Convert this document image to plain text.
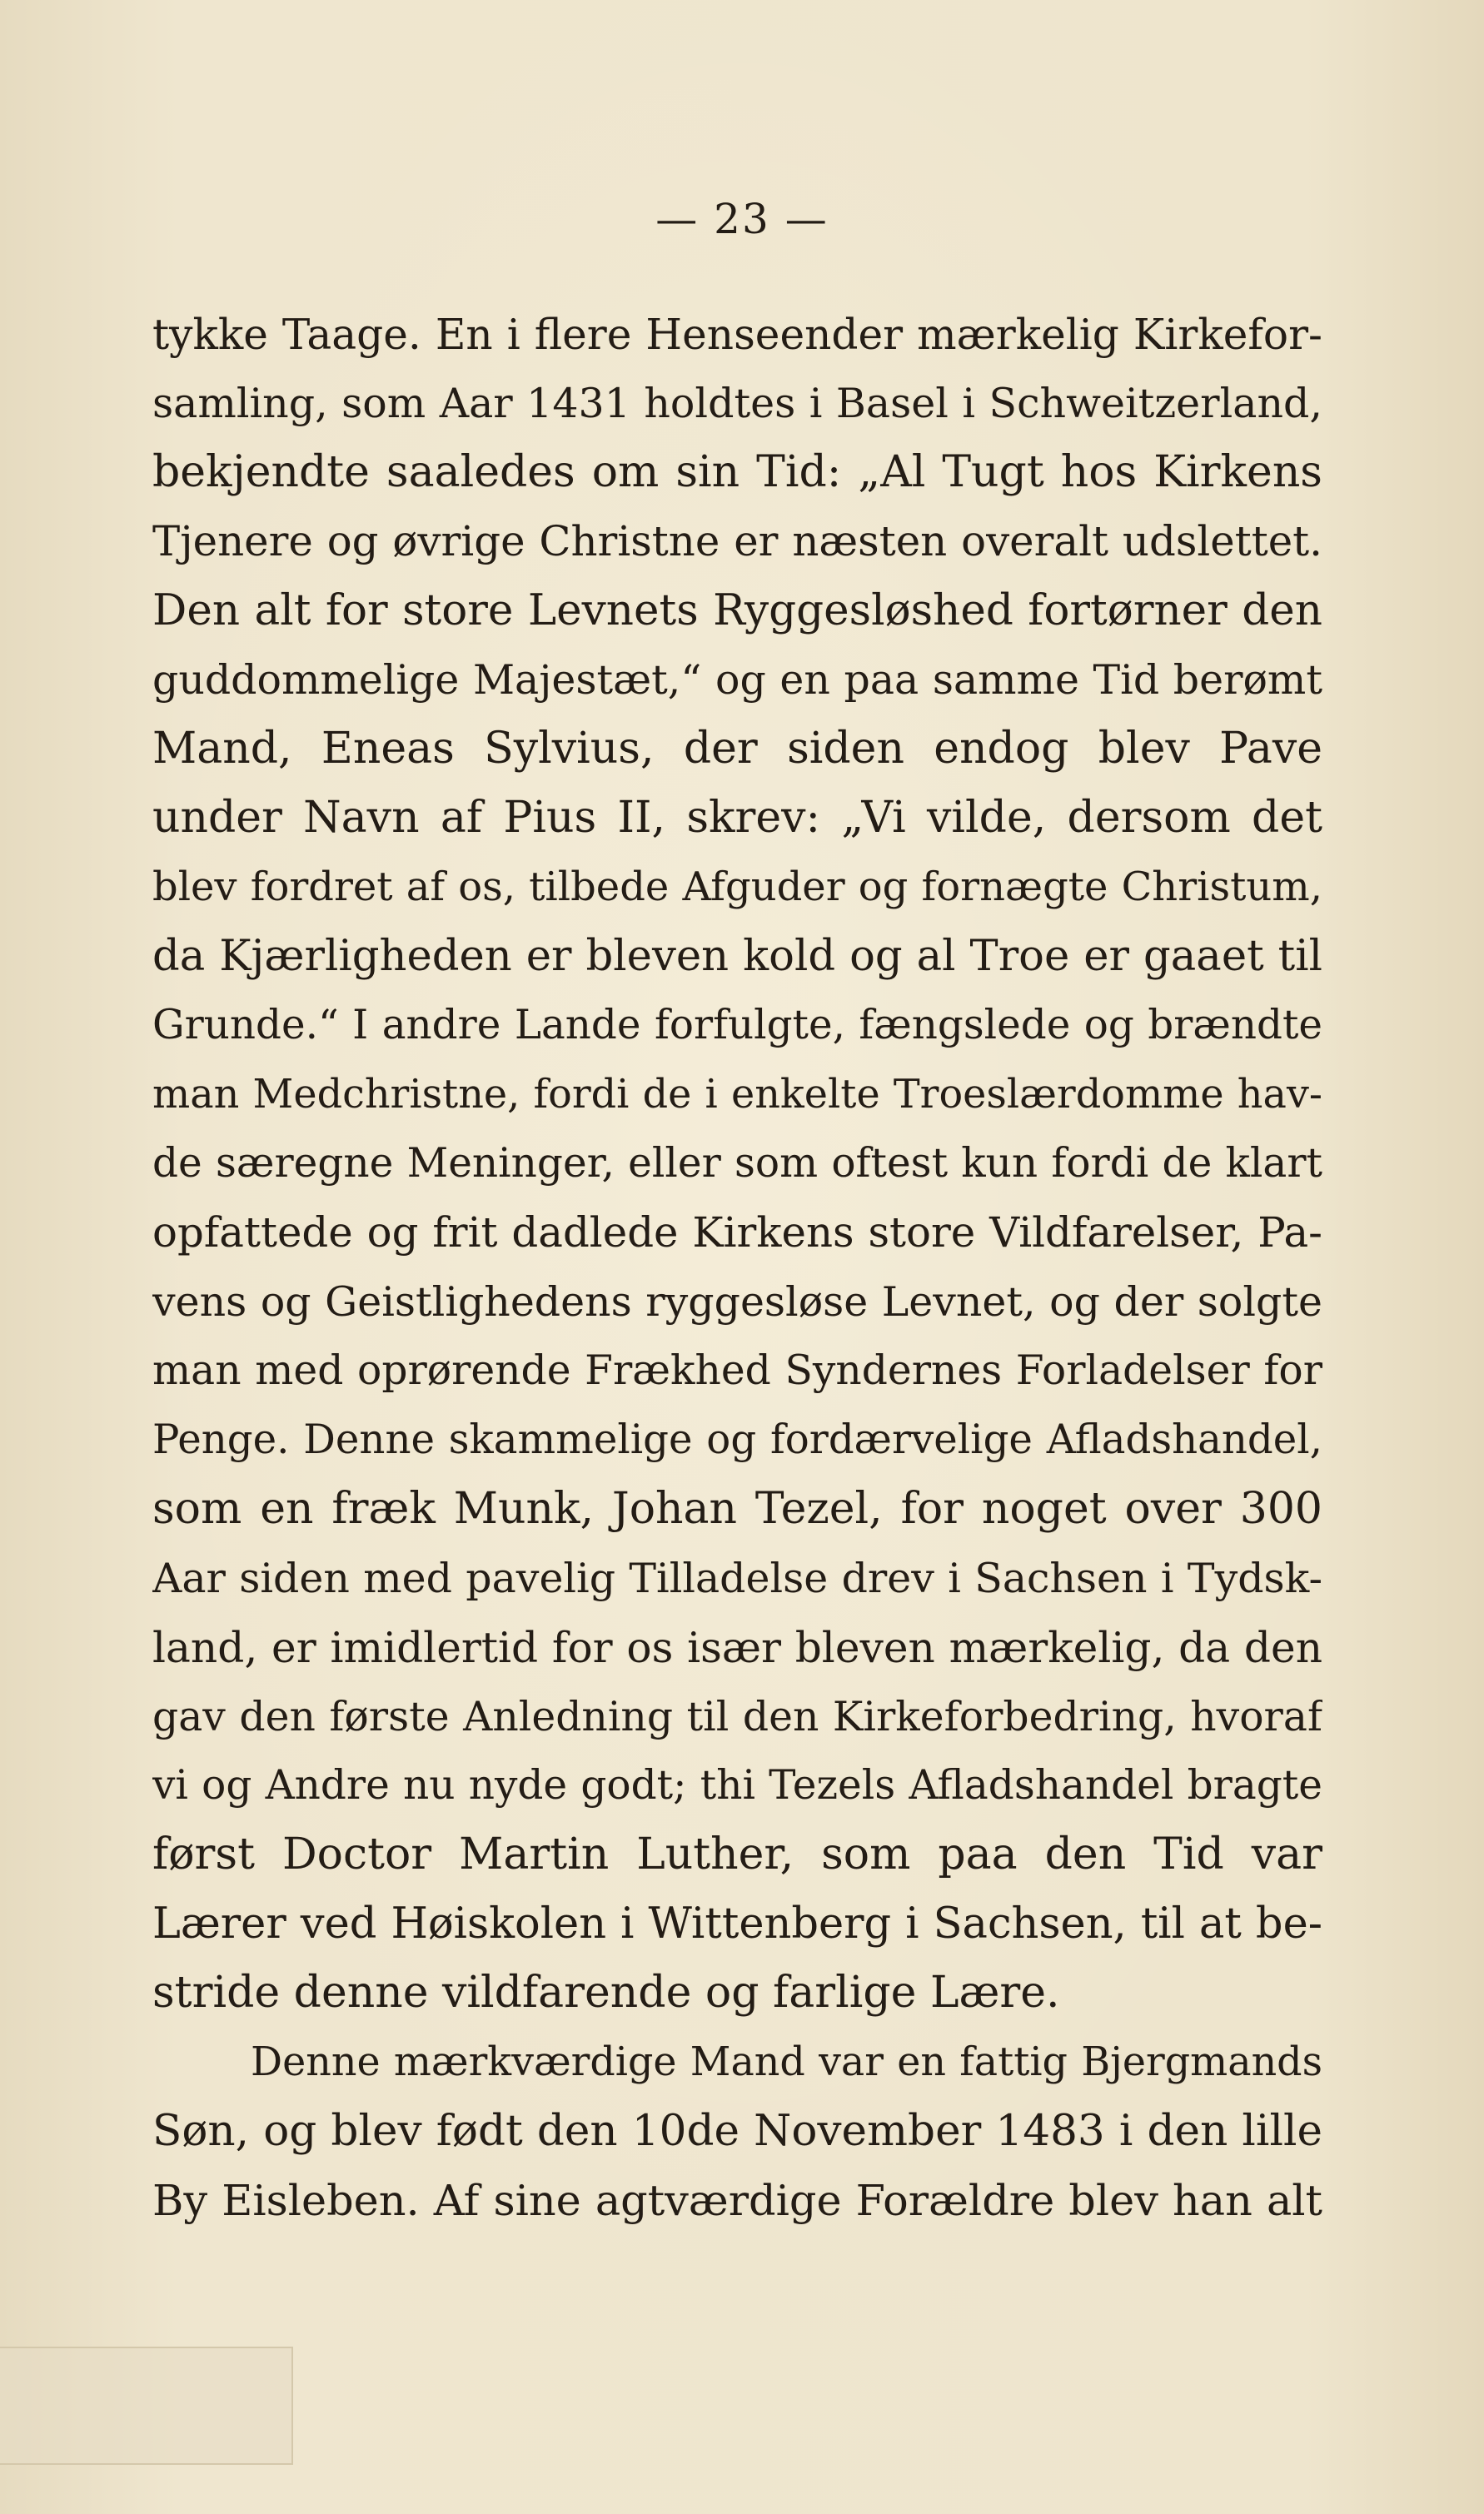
— 23 —
tykke Taage. En i flere Henseender mærkelig Kirkefor-
samling, som Aar 1431 holdtes i Basel i Schweitzerland,
bekjendte saaledes om sin Tid: „Al Tugt hos Kirkens
Tjenere og øvrige Christne er næsten overalt udslettet.
Den alt for store Levnets Ryggesløshed fortørner den
guddommelige Majestæt,“ og en paa samme Tid berømt
Mand, Eneas Sylvius, der siden endog blev Pave
under Navn af Pius II, skrev: „Vi vilde, dersom det
blev fordret af os, tilbede Afguder og fornægte Christum,
da Kjærligheden er bleven kold og al Troe er gaaet til
Grunde.“ I andre Lande forfulgte, fængslede og brændte
man Medchristne, fordi de i enkelte Troeslærdomme hav-
de særegne Meninger, eller som oftest kun fordi de klart
opfattede og frit dadlede Kirkens store Vildfarelser, Pa-
vens og Geistlighedens ryggesløse Levnet, og der solgte
man med oprørende Frækhed Syndernes Forladelser for
Penge. Denne skammelige og fordærvelige Afladshandel,
som en fræk Munk, Johan Tezel, for noget over 300
Aar siden med pavelig Tilladelse drev i Sachsen i Tydsk-
land, er imidlertid for os især bleven mærkelig, da den
gav den første Anledning til den Kirkeforbedring, hvoraf
vi og Andre nu nyde godt; thi Tezels Afladshandel bragte
først Doctor Martin Luther, som paa den Tid var
Lærer ved Høiskolen i Wittenberg i Sachsen, til at be-
stride denne vildfarende og farlige Lære.
Denne mærkværdige Mand var en fattig Bjergmands
Søn, og blev født den 10de November 1483 i den lille
By Eisleben. Af sine agtværdige Forældre blev han alt
